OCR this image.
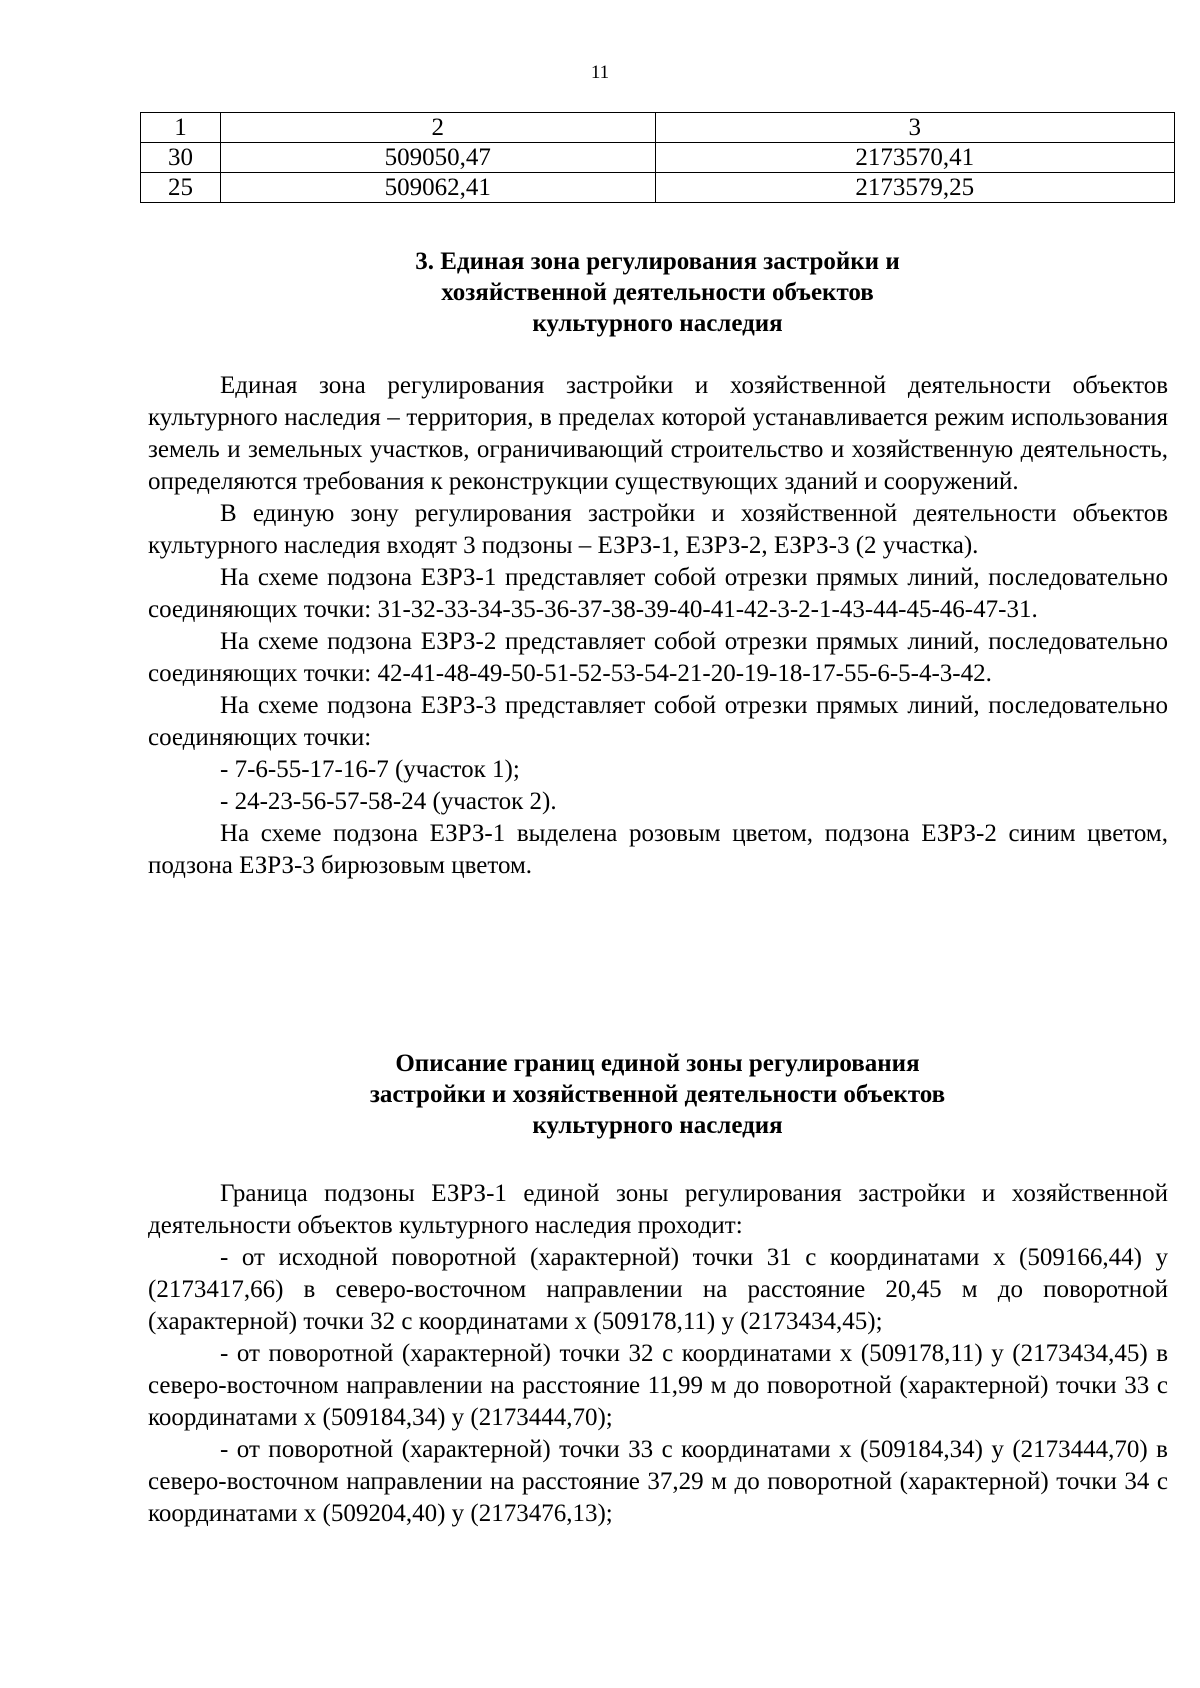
11
1	2	3
30	509050,47	2173570,41
25	509062,41	2173579,25
3. Единая зона регулирования застройки и
хозяйственной деятельности объектов
культурного наследия

Единая зона регулирования застройки и хозяйственной деятельности объектов культурного наследия – территория, в пределах которой устанавливается режим использования земель и земельных участков, ограничивающий строительство и хозяйственную деятельность, определяются требования к реконструкции существующих зданий и сооружений.

В единую зону регулирования застройки и хозяйственной деятельности объектов культурного наследия входят 3 подзоны – ЕЗРЗ-1, ЕЗРЗ-2, ЕЗРЗ-3 (2 участка).

На схеме подзона ЕЗРЗ-1 представляет собой отрезки прямых линий, последовательно соединяющих точки: 31-32-33-34-35-36-37-38-39-40-41-42-3-2-1-43-44-45-46-47-31.

На схеме подзона ЕЗРЗ-2 представляет собой отрезки прямых линий, последовательно соединяющих точки: 42-41-48-49-50-51-52-53-54-21-20-19-18-17-55-6-5-4-3-42.

На схеме подзона ЕЗРЗ-3 представляет собой отрезки прямых линий, последовательно соединяющих точки:

- 7-6-55-17-16-7 (участок 1);

- 24-23-56-57-58-24 (участок 2).

На схеме подзона ЕЗРЗ-1 выделена розовым цветом, подзона ЕЗРЗ-2 синим цветом, подзона ЕЗРЗ-3 бирюзовым цветом.

Описание границ единой зоны регулирования
застройки и хозяйственной деятельности объектов
культурного наследия

Граница подзоны ЕЗРЗ-1 единой зоны регулирования застройки и хозяйственной деятельности объектов культурного наследия проходит:

- от исходной поворотной (характерной) точки 31 с координатами х (509166,44) у (2173417,66) в северо-восточном направлении на расстояние 20,45 м до поворотной (характерной) точки 32 с координатами х (509178,11) у (2173434,45);

- от поворотной (характерной) точки 32 с координатами х (509178,11) у (2173434,45) в северо-восточном направлении на расстояние 11,99 м до поворотной (характерной) точки 33 с координатами х (509184,34) у (2173444,70);

- от поворотной (характерной) точки 33 с координатами х (509184,34) у (2173444,70) в северо-восточном направлении на расстояние 37,29 м до поворотной (характерной) точки 34 с координатами х (509204,40) у (2173476,13);
